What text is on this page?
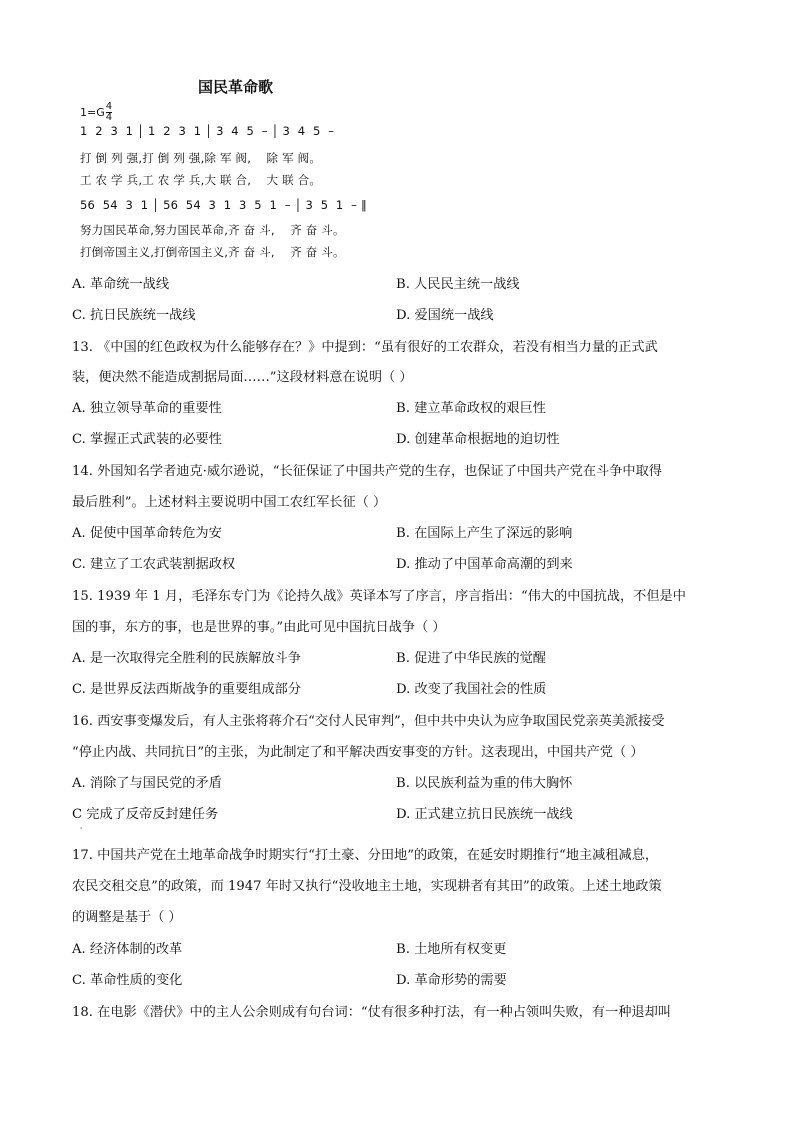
国民革命歌
$1=G \frac{4}{4}$
1  2  3  1 │ 1  2  3  1 │ 3  4  5  – │ 3  4  5  –
打 倒 列 强,打 倒 列 强,除 军 阀,    除 军 阀。
工 农 学 兵,工 农 学 兵,大 联 合,    大 联 合。
56  54  3  1 │ 56  54  3  1  3  5  1  – │ 3  5  1  – ‖
努力国民革命,努力国民革命,齐 奋 斗,    齐 奋 斗。
打倒帝国主义,打倒帝国主义,齐 奋 斗,    齐 奋 斗。
A. 革命统一战线	B. 人民民主统一战线
C. 抗日民族统一战线	D. 爱国统一战线
13. 《中国的红色政权为什么能够存在？》中提到：“虽有很好的工农群众，若没有相当力量的正式武
装，便决然不能造成割据局面……”这段材料意在说明（ ）
A. 独立领导革命的重要性	B. 建立革命政权的艰巨性
C. 掌握正式武装的必要性	D. 创建革命根据地的迫切性
14. 外国知名学者迪克·威尔逊说，“长征保证了中国共产党的生存，也保证了中国共产党在斗争中取得
最后胜利”。上述材料主要说明中国工农红军长征（ ）
A. 促使中国革命转危为安	B. 在国际上产生了深远的影响
C. 建立了工农武装割据政权	D. 推动了中国革命高潮的到来
15. 1939 年 1 月，毛泽东专门为《论持久战》英译本写了序言，序言指出：“伟大的中国抗战，不但是中
国的事，东方的事，也是世界的事。”由此可见中国抗日战争（ ）
A. 是一次取得完全胜利的民族解放斗争	B. 促进了中华民族的觉醒
C. 是世界反法西斯战争的重要组成部分	D. 改变了我国社会的性质
16. 西安事变爆发后，有人主张将蒋介石“交付人民审判”，但中共中央认为应争取国民党亲英美派接受
“停止内战、共同抗日”的主张，为此制定了和平解决西安事变的方针。这表现出，中国共产党（ ）
A. 消除了与国民党的矛盾	B. 以民族利益为重的伟大胸怀
C 完成了反帝反封建任务	D. 正式建立抗日民族统一战线
'
17. 中国共产党在土地革命战争时期实行“打土豪、分田地”的政策，在延安时期推行“地主减租减息，
农民交租交息”的政策，而 1947 年时又执行“没收地主土地，实现耕者有其田”的政策。上述土地政策
的调整是基于（ ）
A. 经济体制的改革	B. 土地所有权变更
C. 革命性质的变化	D. 革命形势的需要
18. 在电影《潜伏》中的主人公余则成有句台词：“仗有很多种打法，有一种占领叫失败，有一种退却叫
